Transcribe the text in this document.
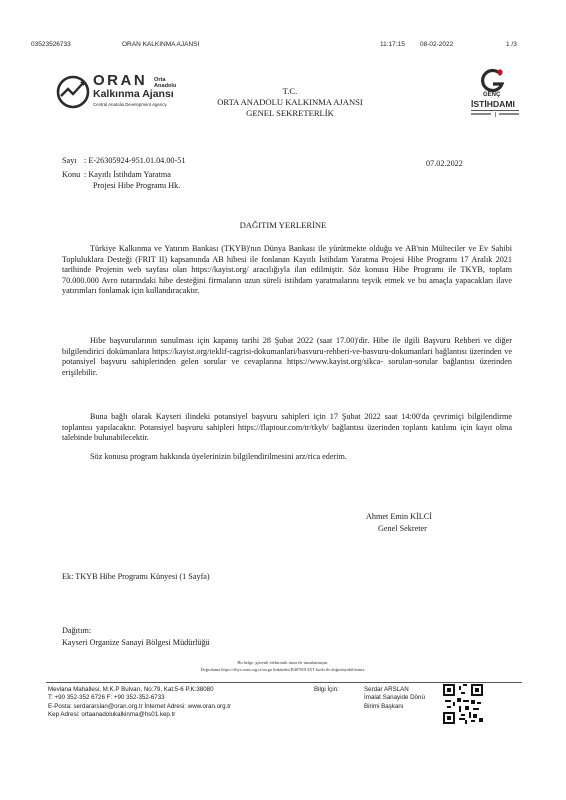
03523526733	ORAN KALKINMA AJANSI	11:17:15 08-02-2022	1 /3
ORAN Orta Anadolu
Kalkınma Ajansı
Central Anatolia Development Agency
GENÇ
İSTİHDAMI
T.C.
ORTA ANADOLU KALKINMA AJANSI
GENEL SEKRETERLİK
Sayı : E-26305924-951.01.04.00-51	07.02.2022
Konu : Kayıtlı İstihdam Yaratma
Projesi Hibe Programı Hk.
DAĞITIM YERLERİNE

Türkiye Kalkınma ve Yatırım Bankası (TKYB)'nın Dünya Bankası ile yürütmekte olduğu ve AB'nin Mülteciler ve Ev Sahibi Topluluklara Desteği (FRIT II) kapsamında AB hibesi ile fonlanan Kayıtlı İstihdam Yaratma Projesi Hibe Programı 17 Aralık 2021 tarihinde Projenin web sayfası olan https://kayist.org/ aracılığıyla ilan edilmiştir. Söz konusu Hibe Programı ile TKYB, toplam 70.000.000 Avro tutarındaki hibe desteğini firmaların uzun süreli istihdam yaratmalarını teşvik etmek ve bu amaçla yapacakları ilave yatırımları fonlamak için kullandıracaktır.

Hibe başvurularının sunulması için kapanış tarihi 28 Şubat 2022 (saat 17.00)'dir. Hibe ile ilgili Başvuru Rehberi ve diğer bilgilendirici dokümanlara https://kayist.org/teklif-cagrisi-dokumanlari/basvuru-rehberi-ve-basvuru-dokumanlari bağlantısı üzerinden ve potansiyel başvuru sahiplerinden gelen sorular ve cevaplarına https://www.kayist.org/sikca- sorulan-sorular bağlantısı üzerinden erişilebilir.

Buna bağlı olarak Kayseri ilindeki potansiyel başvuru sahipleri için 17 Şubat 2022 saat 14:00'da çevrimiçi bilgilendirme toplantısı yapılacaktır. Potansiyel başvuru sahipleri https://flaptour.com/tr/tkyb/ bağlantısı üzerinden toplantı katılımı için kayıt olma talebinde bulunabilecektir.

Söz konusu program hakkında üyelerinizin bilgilendirilmesini arz/rica ederim.

Ahmet Emin KİLCİ
Genel Sekreter
Ek: TKYB Hibe Programı Künyesi (1 Sayfa)
Dağıtım:
Kayseri Organize Sanayi Bölgesi Müdürlüğü
Bu belge, güvenli elektronik imza ile imzalanmıştır.
Doğrulama https://ebys.oran.org.tr/sorgu linkinden B4076013XT kodu ile doğrulayabilirsiniz.
Mevlana Mahallesi, M.K.P Bulvarı, No:79, Kat:5-6 P.K:38080
T: +90 352-352 6726 F: +90 352-352-6733
E-Posta: serdararslan@oran.org.tr İnternet Adresi: www.oran.org.tr
Kep Adresi: ortaanadolukalkinma@hs01.kep.tr
Bilgi İçin:	Serdar ARSLAN
İmalat Sanayide Dönü
Birimi Başkanı
